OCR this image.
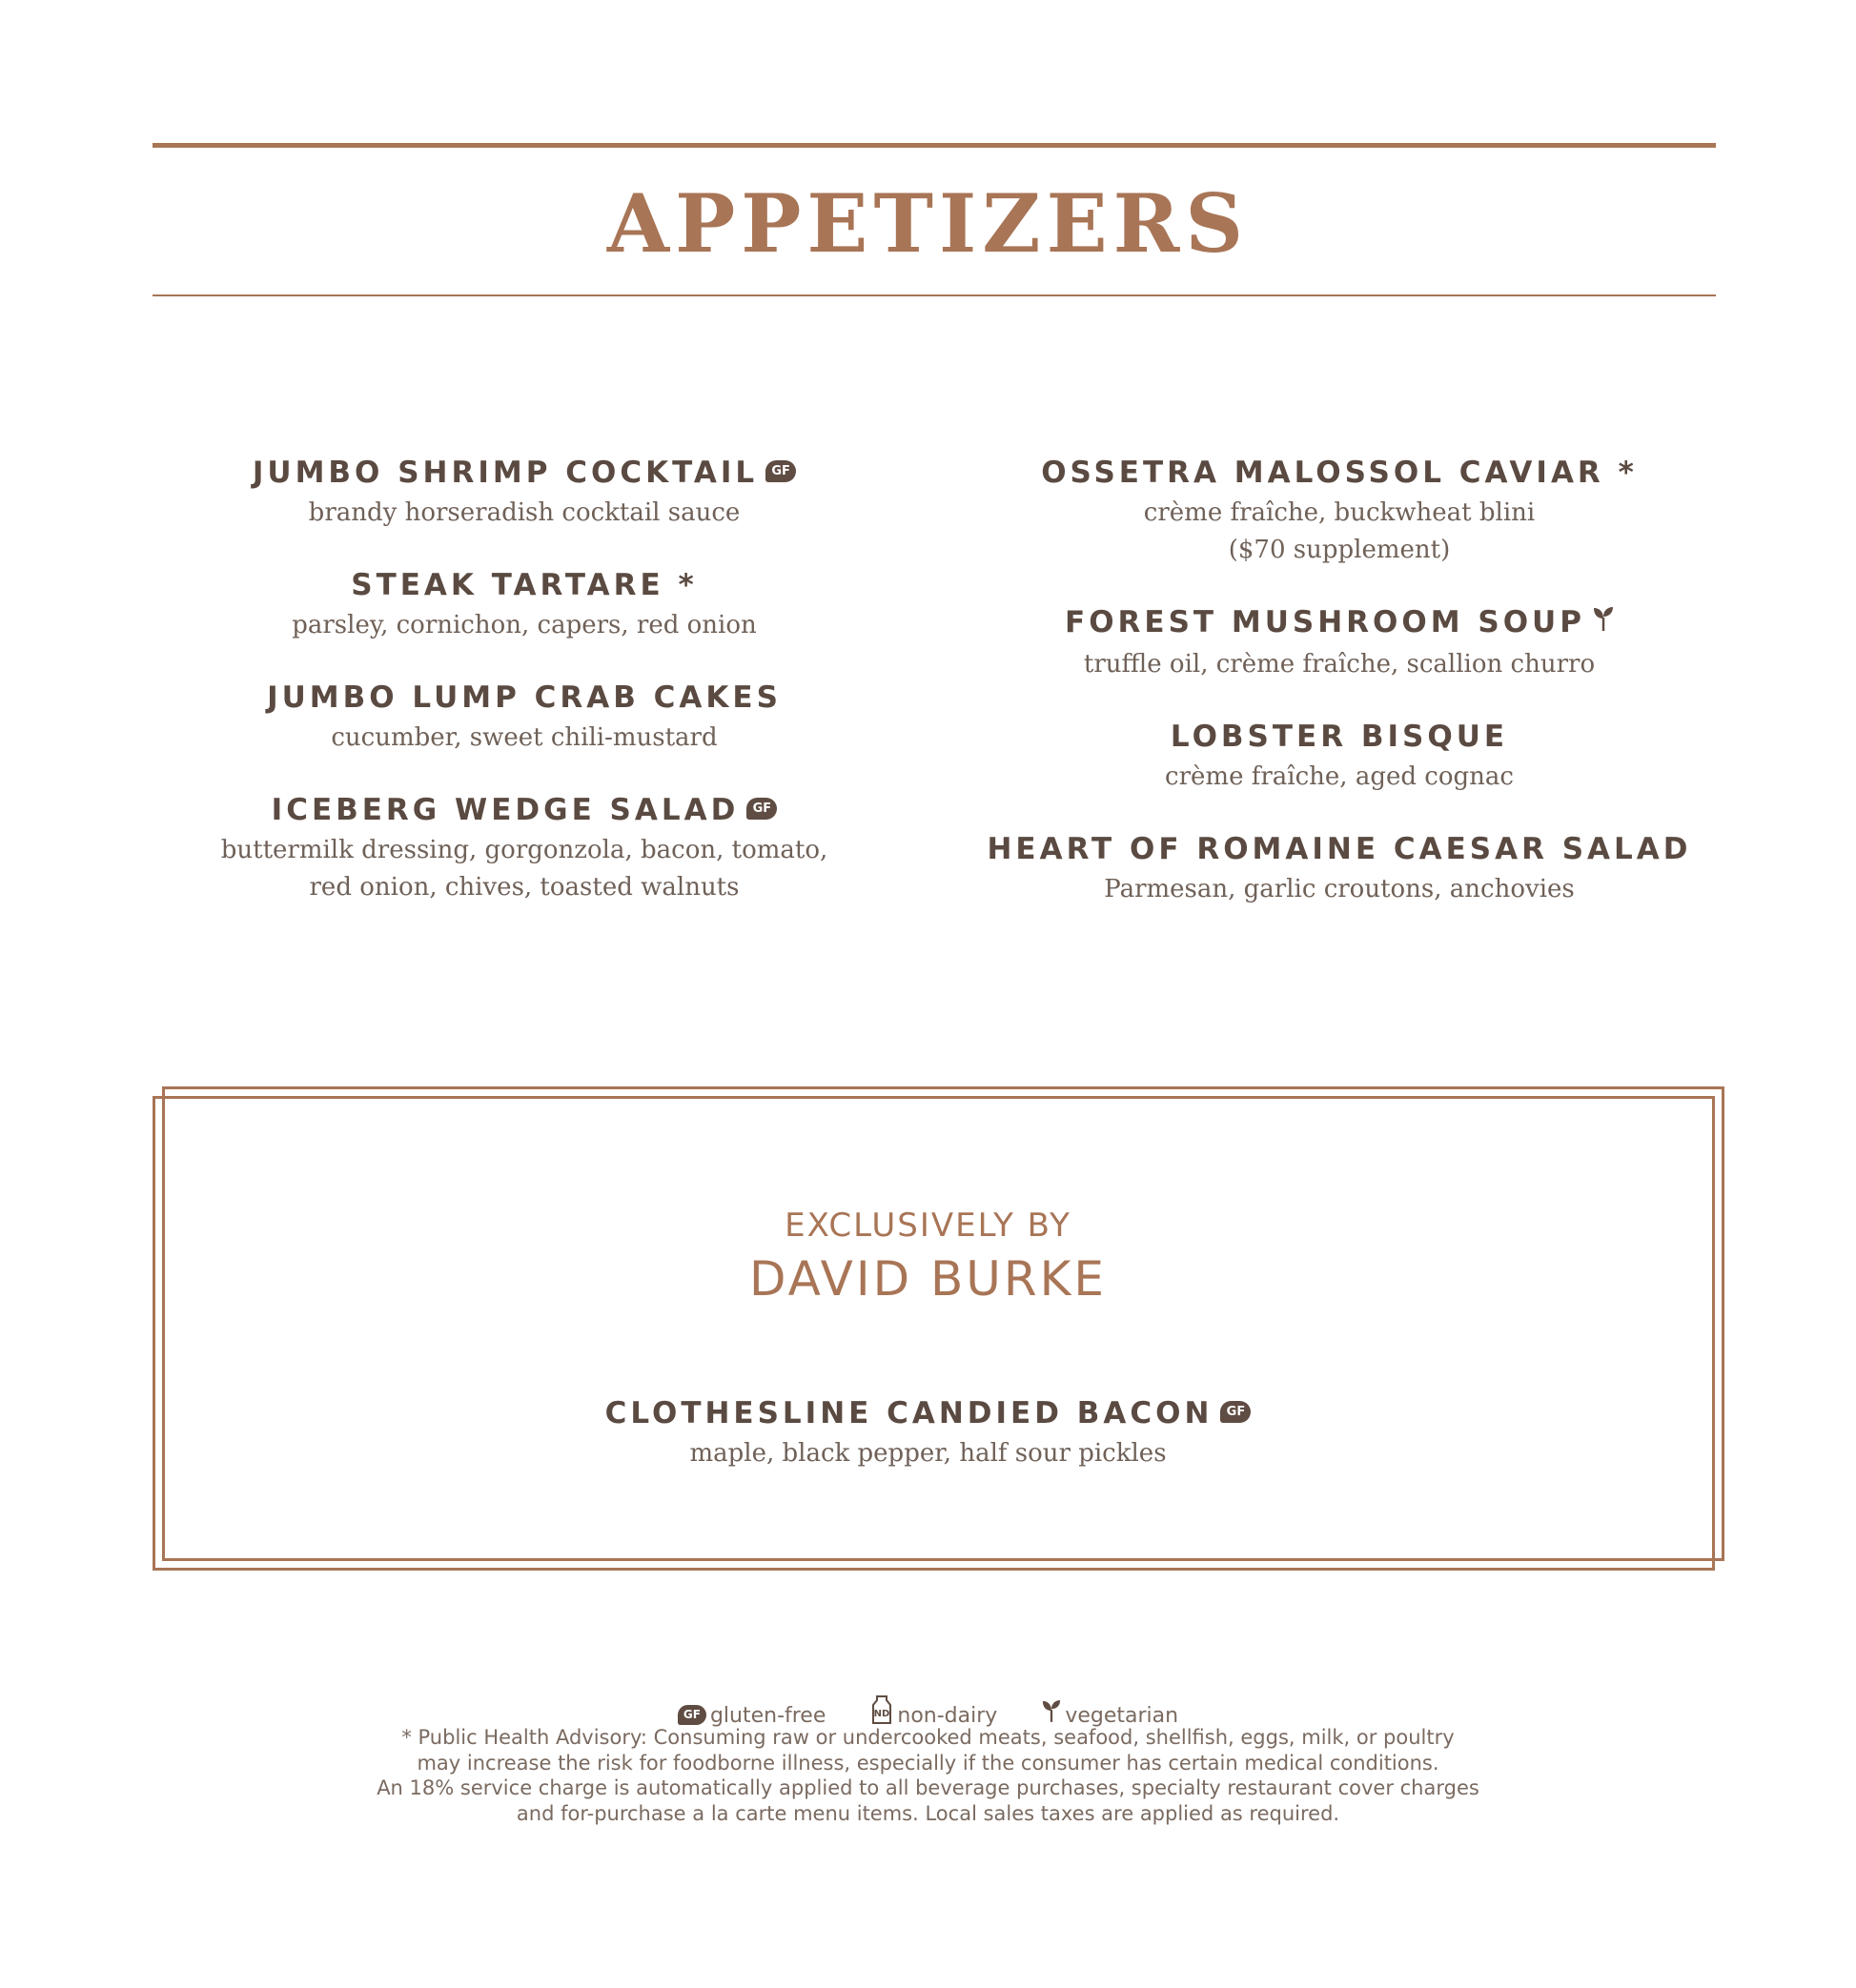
APPETIZERS
JUMBO SHRIMP COCKTAIL GF
brandy horseradish cocktail sauce
STEAK TARTARE *
parsley, cornichon, capers, red onion
JUMBO LUMP CRAB CAKES
cucumber, sweet chili-mustard
ICEBERG WEDGE SALAD GF
buttermilk dressing, gorgonzola, bacon, tomato,
red onion, chives, toasted walnuts
OSSETRA MALOSSOL CAVIAR *
crème fraîche, buckwheat blini
($70 supplement)
FOREST MUSHROOM SOUP
truffle oil, crème fraîche, scallion churro
LOBSTER BISQUE
crème fraîche, aged cognac
HEART OF ROMAINE CAESAR SALAD
Parmesan, garlic croutons, anchovies
EXCLUSIVELY BY
DAVID BURKE
CLOTHESLINE CANDIED BACON GF
maple, black pepper, half sour pickles
GF gluten-free	ND non-dairy	vegetarian
* Public Health Advisory: Consuming raw or undercooked meats, seafood, shellfish, eggs, milk, or poultry
may increase the risk for foodborne illness, especially if the consumer has certain medical conditions.
An 18% service charge is automatically applied to all beverage purchases, specialty restaurant cover charges
and for-purchase a la carte menu items. Local sales taxes are applied as required.
